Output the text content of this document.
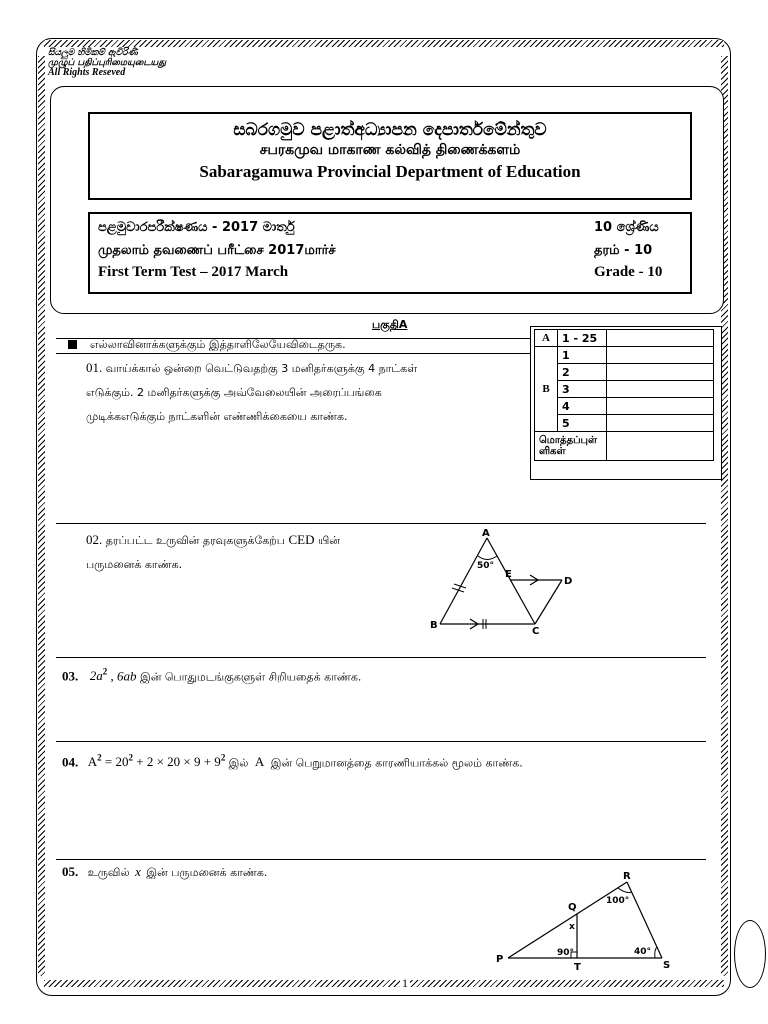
සියලුම හිමිකම් ඇවිරිණි
முழுப் பதிப்புரிமையுடையது
All Rights Reseved
සබරගමුව පළාත්අධ්‍යාපන දෙපාර්තමේන්තුව
சபரகமுவ மாகாண கல்வித் திணைக்களம்
Sabaragamuwa Provincial Department of Education
පළමුවාරපරීක්ෂණය - 2017 මාර්තු
முதலாம் தவணைப் பரீட்சை 2017மார்ச்
First Term Test – 2017 March
10 ශ්‍රේණිය
தரம் - 10
Grade - 10
பகுதிA
எல்லாவினாக்களுக்கும் இத்தாளிலேயேவிடைதருக.	A	1 - 25	
B	1	
	2	
	3	
	4	
	5	

மொத்தப்புள்
ளிகள்		

01. வாய்க்கால் ஒன்றை வெட்டுவதற்கு 3 மனிதர்களுக்கு 4 நாட்கள்
எடுக்கும். 2 மனிதர்களுக்கு அவ்வேலையின் அரைப்பங்கை
முடிக்கஎடுக்கும் நாட்களின் எண்ணிக்கையை காண்க.
02. தரப்பட்ட உருவின் தரவுகளுக்கேற்ப CED யின்
பருமனைக் காண்க.
A
B
C
D
E
50°
03. $2a^2$ , 6ab இன் பொதுமடங்குகளுள் சிறியதைக் காண்க.
04. $A^2 = 20^2 + 2 \times 20 \times 9 + 9^2$ இல் A இன் பெறுமானத்தை காரணியாக்கல் மூலம் காண்க.
05. உருவில் x இன் பருமனைக் காண்க.	R
Q
x
P
T	S
100°
90°	40°
1
